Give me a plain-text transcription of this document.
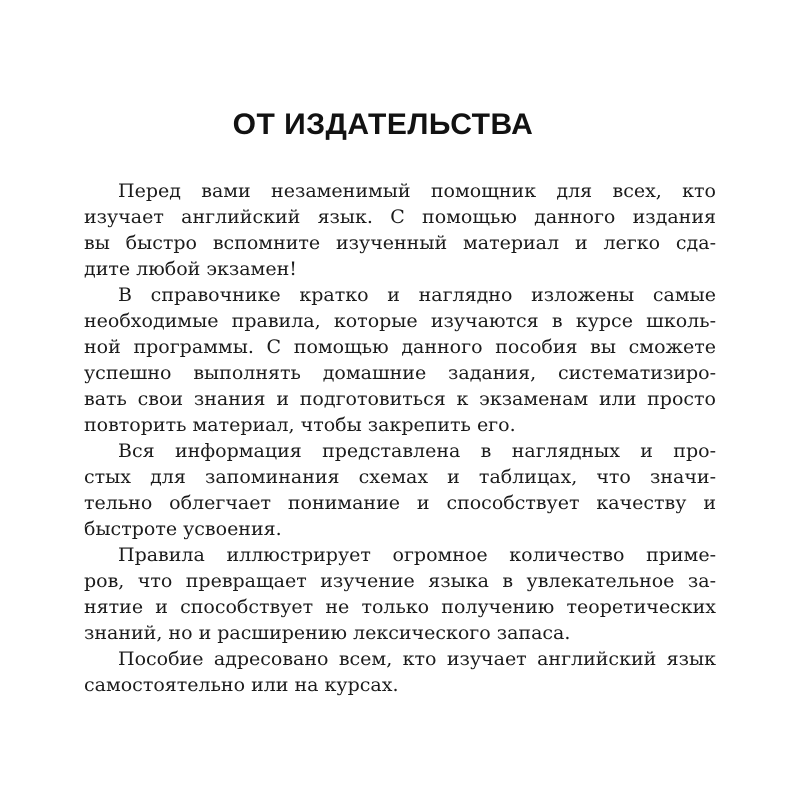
ОТ ИЗДАТЕЛЬСТВА

Перед вами незаменимый помощник для всех, кто
изучает английский язык. С помощью данного издания
вы быстро вспомните изученный материал и легко сда-
дите любой экзамен!

В справочнике кратко и наглядно изложены самые
необходимые правила, которые изучаются в курсе школь-
ной программы. С помощью данного пособия вы сможете
успешно выполнять домашние задания, систематизиро-
вать свои знания и подготовиться к экзаменам или просто
повторить материал, чтобы закрепить его.

Вся информация представлена в наглядных и про-
стых для запоминания схемах и таблицах, что значи-
тельно облегчает понимание и способствует качеству и
быстроте усвоения.

Правила иллюстрирует огромное количество приме-
ров, что превращает изучение языка в увлекательное за-
нятие и способствует не только получению теоретических
знаний, но и расширению лексического запаса.

Пособие адресовано всем, кто изучает английский язык
самостоятельно или на курсах.
